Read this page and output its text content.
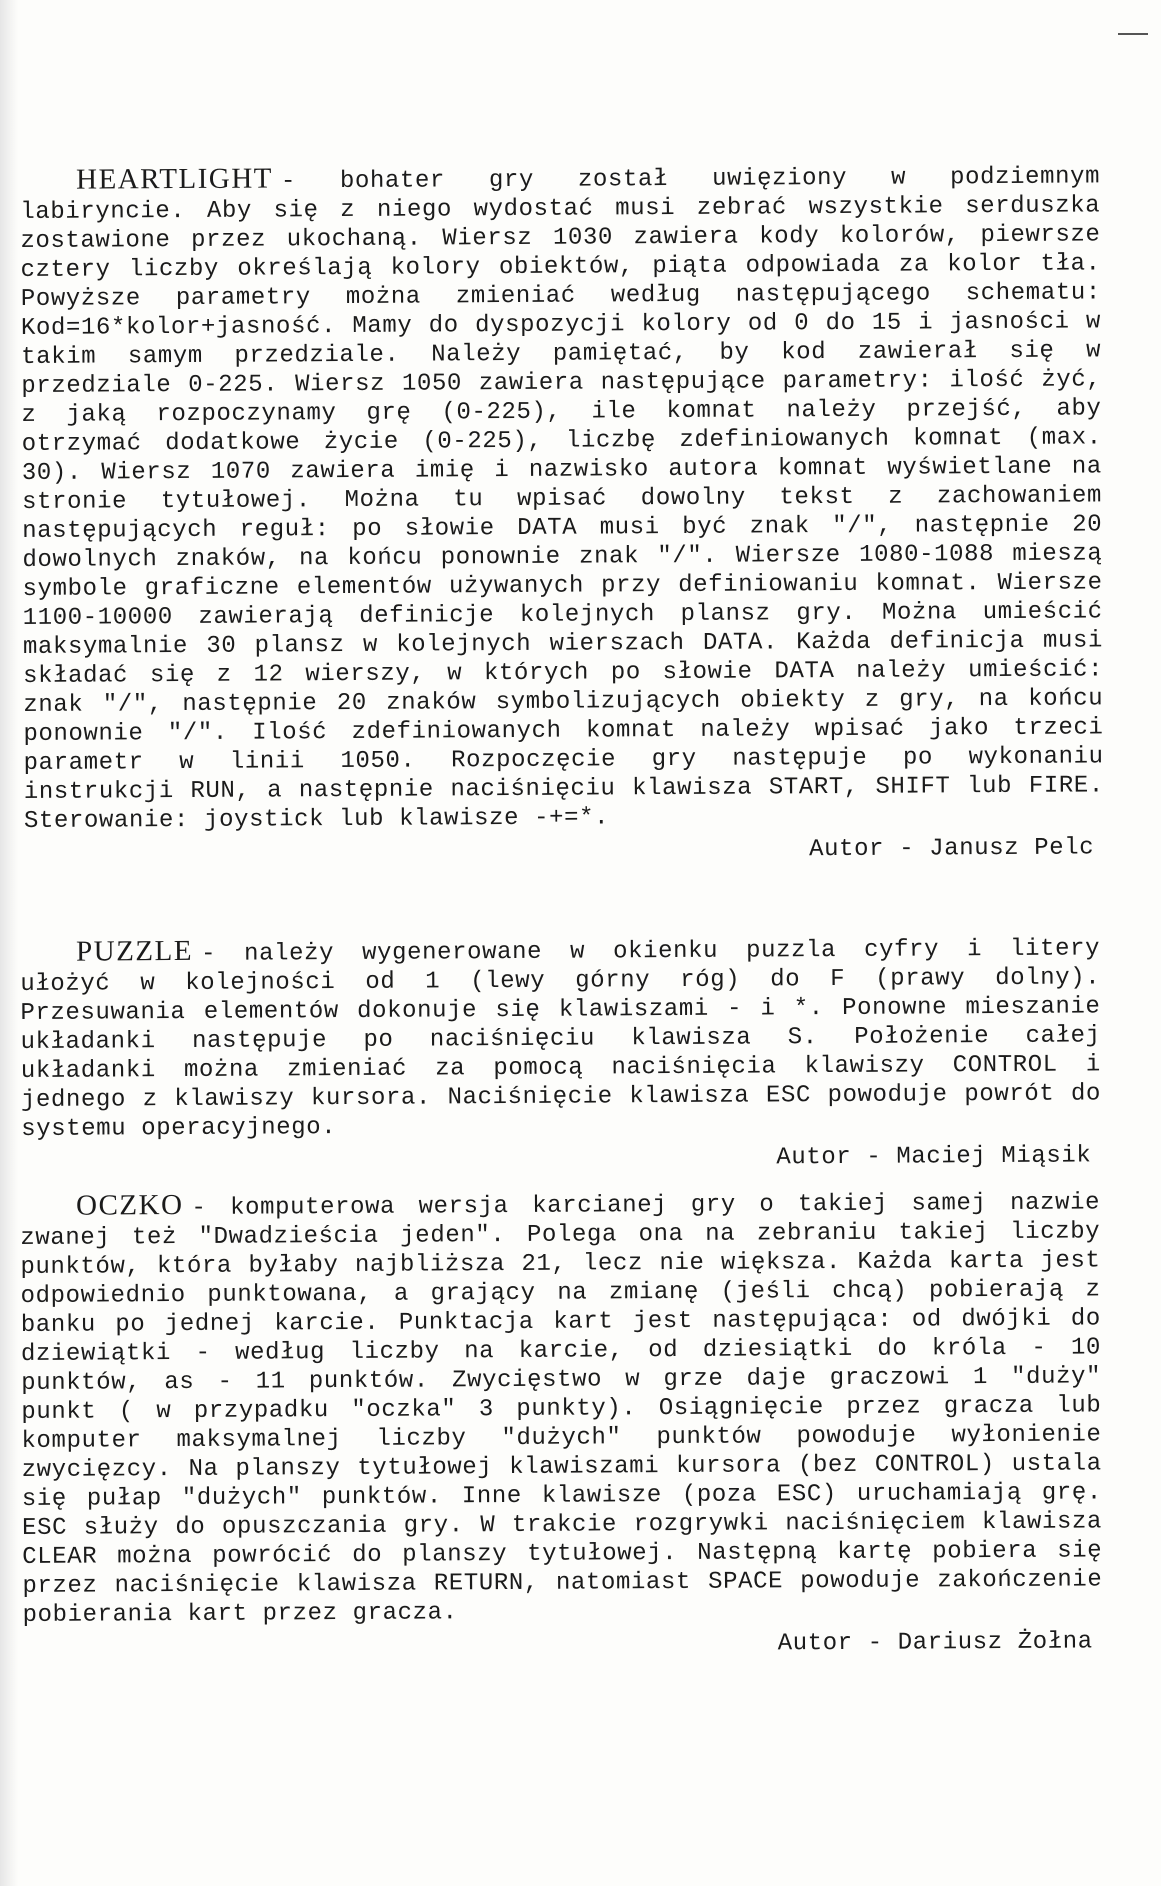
HEARTLIGHT - bohater gry został uwięziony w podziemnym labiryncie. Aby się z niego wydostać musi zebrać wszystkie serduszka zostawione przez ukochaną. Wiersz 1030 zawiera kody kolorów, piewrsze cztery liczby określają kolory obiektów, piąta odpowiada za kolor tła. Powyższe parametry można zmieniać według następującego schematu: Kod=16*kolor+jasność. Mamy do dyspozycji kolory od 0 do 15 i jasności w takim samym przedziale. Należy pamiętać, by kod zawierał się w przedziale 0-225. Wiersz 1050 zawiera następujące parametry: ilość żyć, z jaką rozpoczynamy grę (0-225), ile komnat należy przejść, aby otrzymać dodatkowe życie (0-225), liczbę zdefiniowanych komnat (max. 30). Wiersz 1070 zawiera imię i nazwisko autora komnat wyświetlane na stronie tytułowej. Można tu wpisać dowolny tekst z zachowaniem następujących reguł: po słowie DATA musi być znak "/", następnie 20 dowolnych znaków, na końcu ponownie znak "/". Wiersze 1080-1088 mieszą symbole graficzne elementów używanych przy definiowaniu komnat. Wiersze 1100-10000 zawierają definicje kolejnych plansz gry. Można umieścić maksymalnie 30 plansz w kolejnych wierszach DATA. Każda definicja musi składać się z 12 wierszy, w których po słowie DATA należy umieścić: znak "/", następnie 20 znaków symbolizujących obiekty z gry, na końcu ponownie "/". Ilość zdefiniowanych komnat należy wpisać jako trzeci parametr w linii 1050. Rozpoczęcie gry następuje po wykonaniu instrukcji RUN, a następnie naciśnięciu klawisza START, SHIFT lub FIRE. Sterowanie: joystick lub klawisze -+=*.

Autor - Janusz Pelc

PUZZLE - należy wygenerowane w okienku puzzla cyfry i litery ułożyć w kolejności od 1 (lewy górny róg) do F (prawy dolny). Przesuwania elementów dokonuje się klawiszami - i *. Ponowne mieszanie układanki następuje po naciśnięciu klawisza S. Położenie całej układanki można zmieniać za pomocą naciśnięcia klawiszy CONTROL i jednego z klawiszy kursora. Naciśnięcie klawisza ESC powoduje powrót do systemu operacyjnego.

Autor - Maciej Miąsik

OCZKO - komputerowa wersja karcianej gry o takiej samej nazwie zwanej też "Dwadzieścia jeden". Polega ona na zebraniu takiej liczby punktów, która byłaby najbliższa 21, lecz nie większa. Każda karta jest odpowiednio punktowana, a grający na zmianę (jeśli chcą) pobierają z banku po jednej karcie. Punktacja kart jest następująca: od dwójki do dziewiątki - według liczby na karcie, od dziesiątki do króla - 10 punktów, as - 11 punktów. Zwycięstwo w grze daje graczowi 1 "duży" punkt ( w przypadku "oczka" 3 punkty). Osiągnięcie przez gracza lub komputer maksymalnej liczby "dużych" punktów powoduje wyłonienie zwycięzcy. Na planszy tytułowej klawiszami kursora (bez CONTROL) ustala się pułap "dużych" punktów. Inne klawisze (poza ESC) uruchamiają grę. ESC służy do opuszczania gry. W trakcie rozgrywki naciśnięciem klawisza CLEAR można powrócić do planszy tytułowej. Następną kartę pobiera się przez naciśnięcie klawisza RETURN, natomiast SPACE powoduje zakończenie pobierania kart przez gracza.

Autor - Dariusz Żołna
